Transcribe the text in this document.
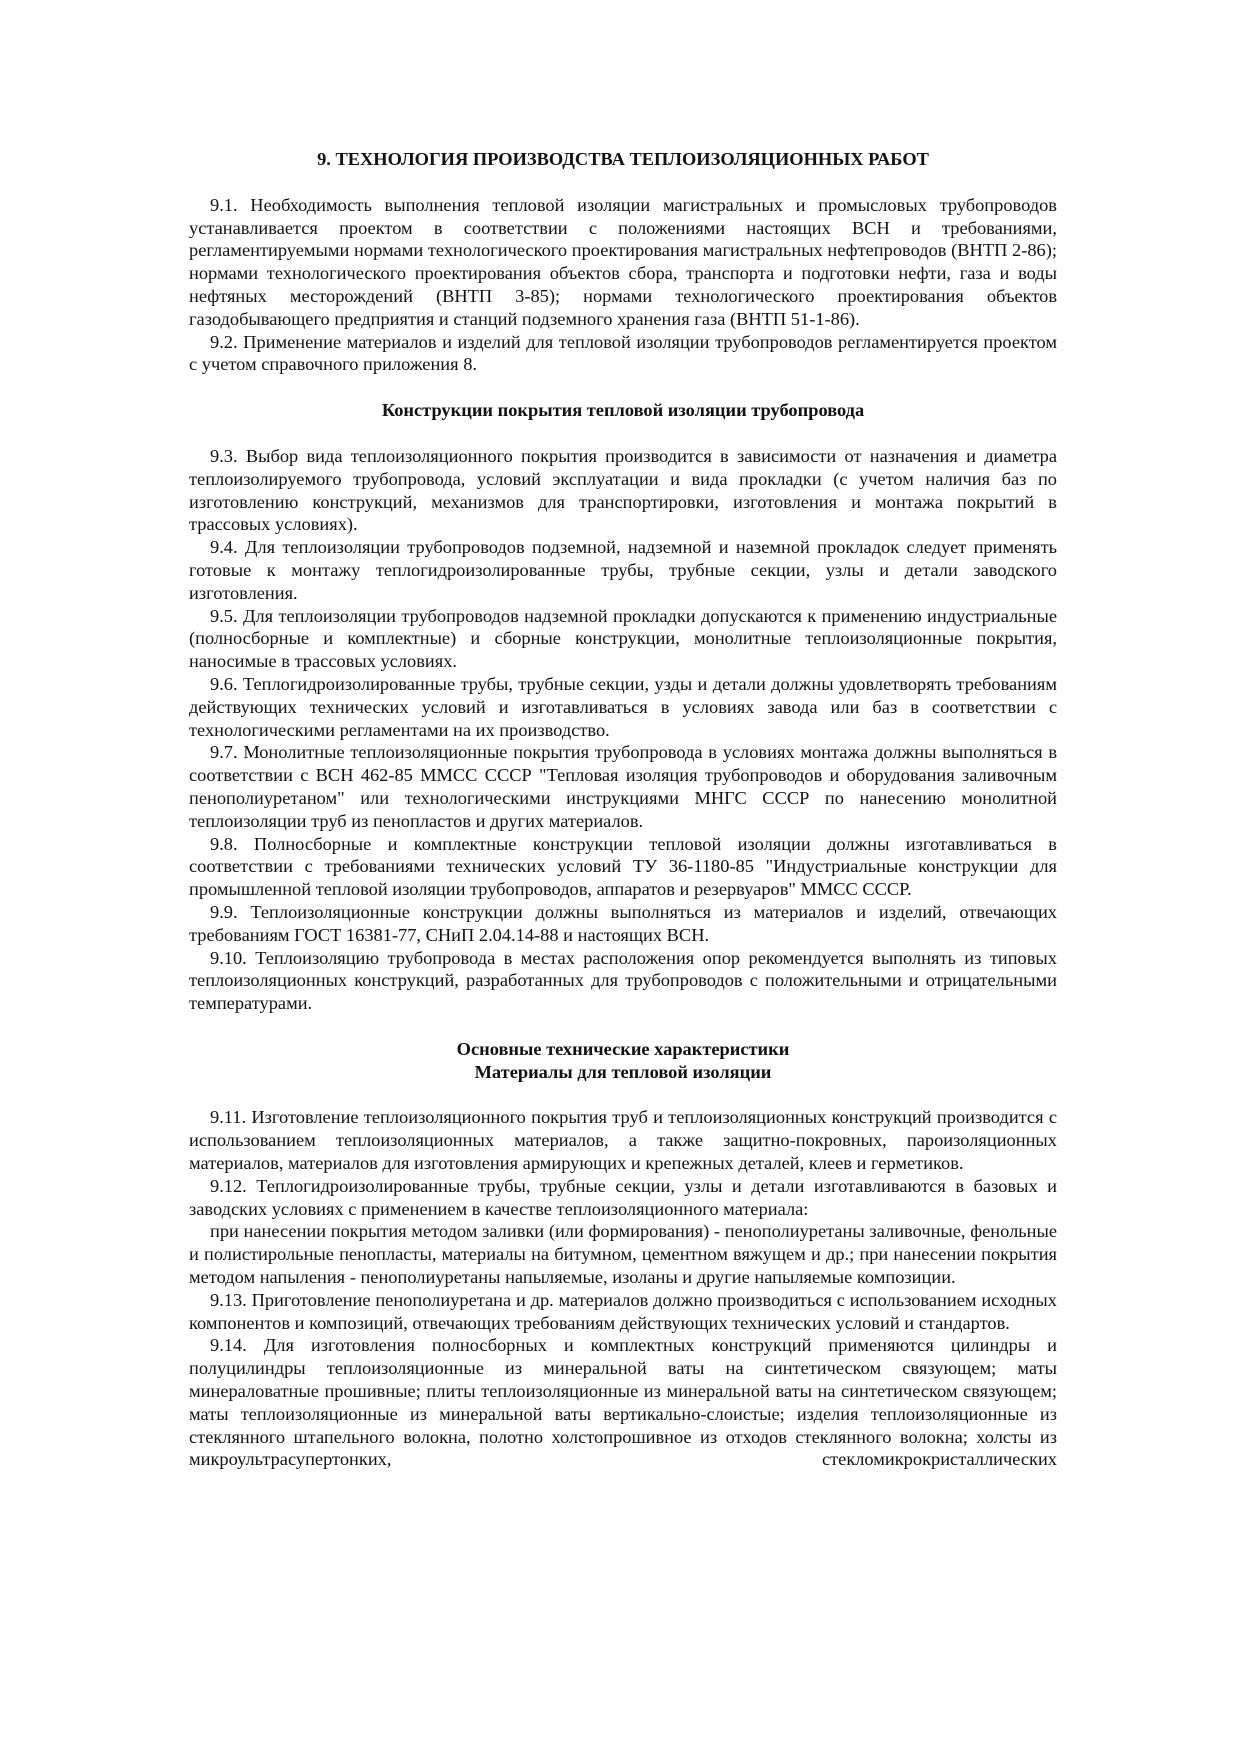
9. ТЕХНОЛОГИЯ ПРОИЗВОДСТВА ТЕПЛОИЗОЛЯЦИОННЫХ РАБОТ

9.1. Необходимость выполнения тепловой изоляции магистральных и промысловых трубопроводов устанавливается проектом в соответствии с положениями настоящих ВСН и требованиями, регламентируемыми нормами технологического проектирования магистральных нефтепроводов (ВНТП 2-86); нормами технологического проектирования объектов сбора, транспорта и подготовки нефти, газа и воды нефтяных месторождений (ВНТП 3-85); нормами технологического проектирования объектов газодобывающего предприятия и станций подземного хранения газа (ВНТП 51-1-86).

9.2. Применение материалов и изделий для тепловой изоляции трубопроводов регламентируется проектом с учетом справочного приложения 8.

Конструкции покрытия тепловой изоляции трубопровода

9.3. Выбор вида теплоизоляционного покрытия производится в зависимости от назначения и диаметра теплоизолируемого трубопровода, условий эксплуатации и вида прокладки (с учетом наличия баз по изготовлению конструкций, механизмов для транспортировки, изготовления и монтажа покрытий в трассовых условиях).

9.4. Для теплоизоляции трубопроводов подземной, надземной и наземной прокладок следует применять готовые к монтажу теплогидроизолированные трубы, трубные секции, узлы и детали заводского изготовления.

9.5. Для теплоизоляции трубопроводов надземной прокладки допускаются к применению индустриальные (полносборные и комплектные) и сборные конструкции, монолитные теплоизоляционные покрытия, наносимые в трассовых условиях.

9.6. Теплогидроизолированные трубы, трубные секции, узды и детали должны удовлетворять требованиям действующих технических условий и изготавливаться в условиях завода или баз в соответствии с технологическими регламентами на их производство.

9.7. Монолитные теплоизоляционные покрытия трубопровода в условиях монтажа должны выполняться в соответствии с ВСН 462-85 ММСС СССР "Тепловая изоляция трубопроводов и оборудования заливочным пенополиуретаном" или технологическими инструкциями МНГС СССР по нанесению монолитной теплоизоляции труб из пенопластов и других материалов.

9.8. Полносборные и комплектные конструкции тепловой изоляции должны изготавливаться в соответствии с требованиями технических условий ТУ 36-1180-85 "Индустриальные конструкции для промышленной тепловой изоляции трубопроводов, аппаратов и резервуаров" ММСС СССР.

9.9. Теплоизоляционные конструкции должны выполняться из материалов и изделий, отвечающих требованиям ГОСТ 16381-77, СНиП 2.04.14-88 и настоящих ВСН.

9.10. Теплоизоляцию трубопровода в местах расположения опор рекомендуется выполнять из типовых теплоизоляционных конструкций, разработанных для трубопроводов с положительными и отрицательными температурами.

Основные технические характеристики
Материалы для тепловой изоляции

9.11. Изготовление теплоизоляционного покрытия труб и теплоизоляционных конструкций производится с использованием теплоизоляционных материалов, а также защитно-покровных, пароизоляционных материалов, материалов для изготовления армирующих и крепежных деталей, клеев и герметиков.

9.12. Теплогидроизолированные трубы, трубные секции, узлы и детали изготавливаются в базовых и заводских условиях с применением в качестве теплоизоляционного материала:

при нанесении покрытия методом заливки (или формирования) - пенополиуретаны заливочные, фенольные и полистирольные пенопласты, материалы на битумном, цементном вяжущем и др.; при нанесении покрытия методом напыления - пенополиуретаны напыляемые, изоланы и другие напыляемые композиции.

9.13. Приготовление пенополиуретана и др. материалов должно производиться с использованием исходных компонентов и композиций, отвечающих требованиям действующих технических условий и стандартов.

9.14. Для изготовления полносборных и комплектных конструкций применяются цилиндры и полуцилиндры теплоизоляционные из минеральной ваты на синтетическом связующем; маты минераловатные прошивные; плиты теплоизоляционные из минеральной ваты на синтетическом связующем; маты теплоизоляционные из минеральной ваты вертикально-слоистые; изделия теплоизоляционные из стеклянного штапельного волокна, полотно холстопрошивное из отходов стеклянного волокна; холсты из микроультрасупертонких, стекломикрокристаллических
